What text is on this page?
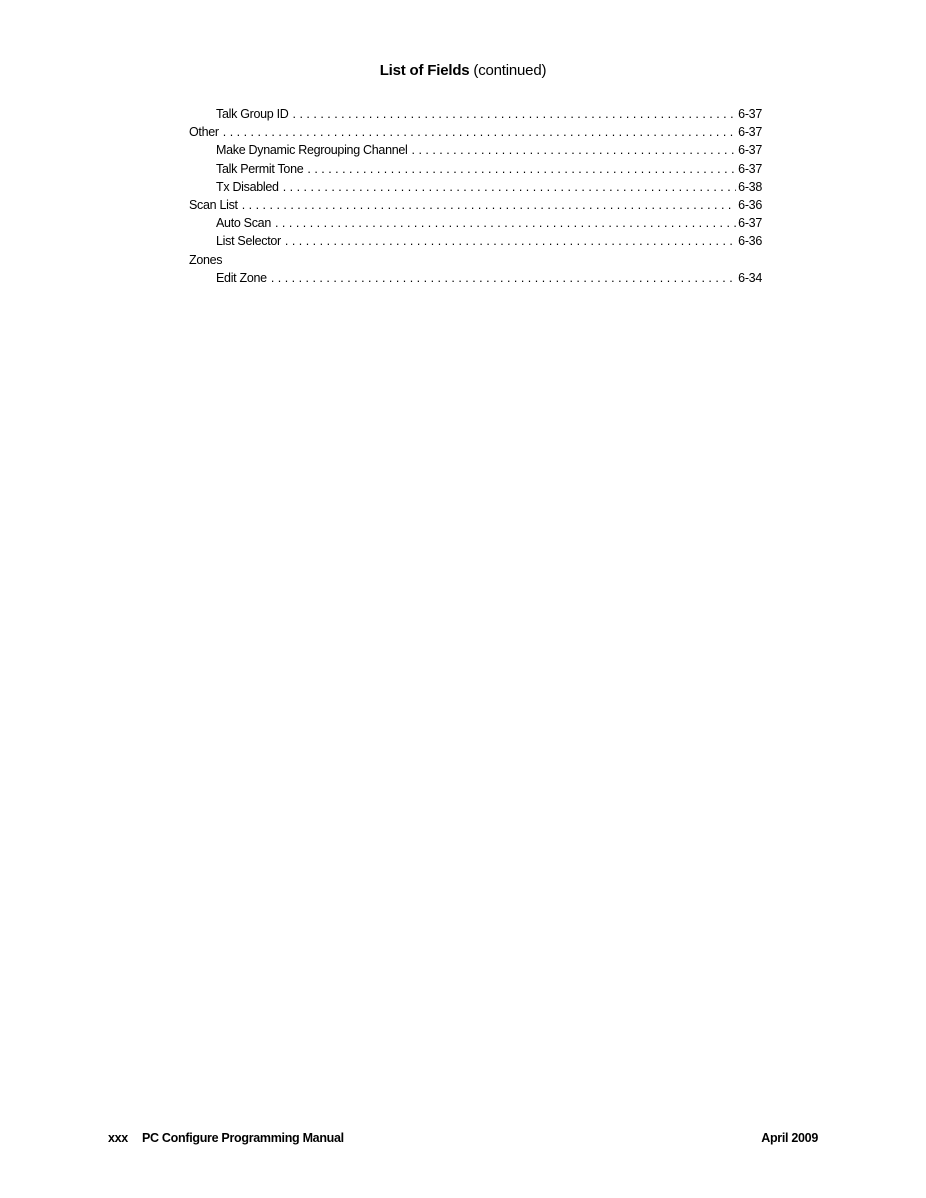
List of Fields (continued)
Talk Group ID . . .	6-37
Other . . .	6-37
Make Dynamic Regrouping Channel . . .	6-37
Talk Permit Tone . . .	6-37
Tx Disabled . . .	6-38
Scan List . . .	6-36
Auto Scan . . .	6-37
List Selector . . .	6-36
Zones
Edit Zone . . .	6-34
xxx PC Configure Programming Manual	April 2009
